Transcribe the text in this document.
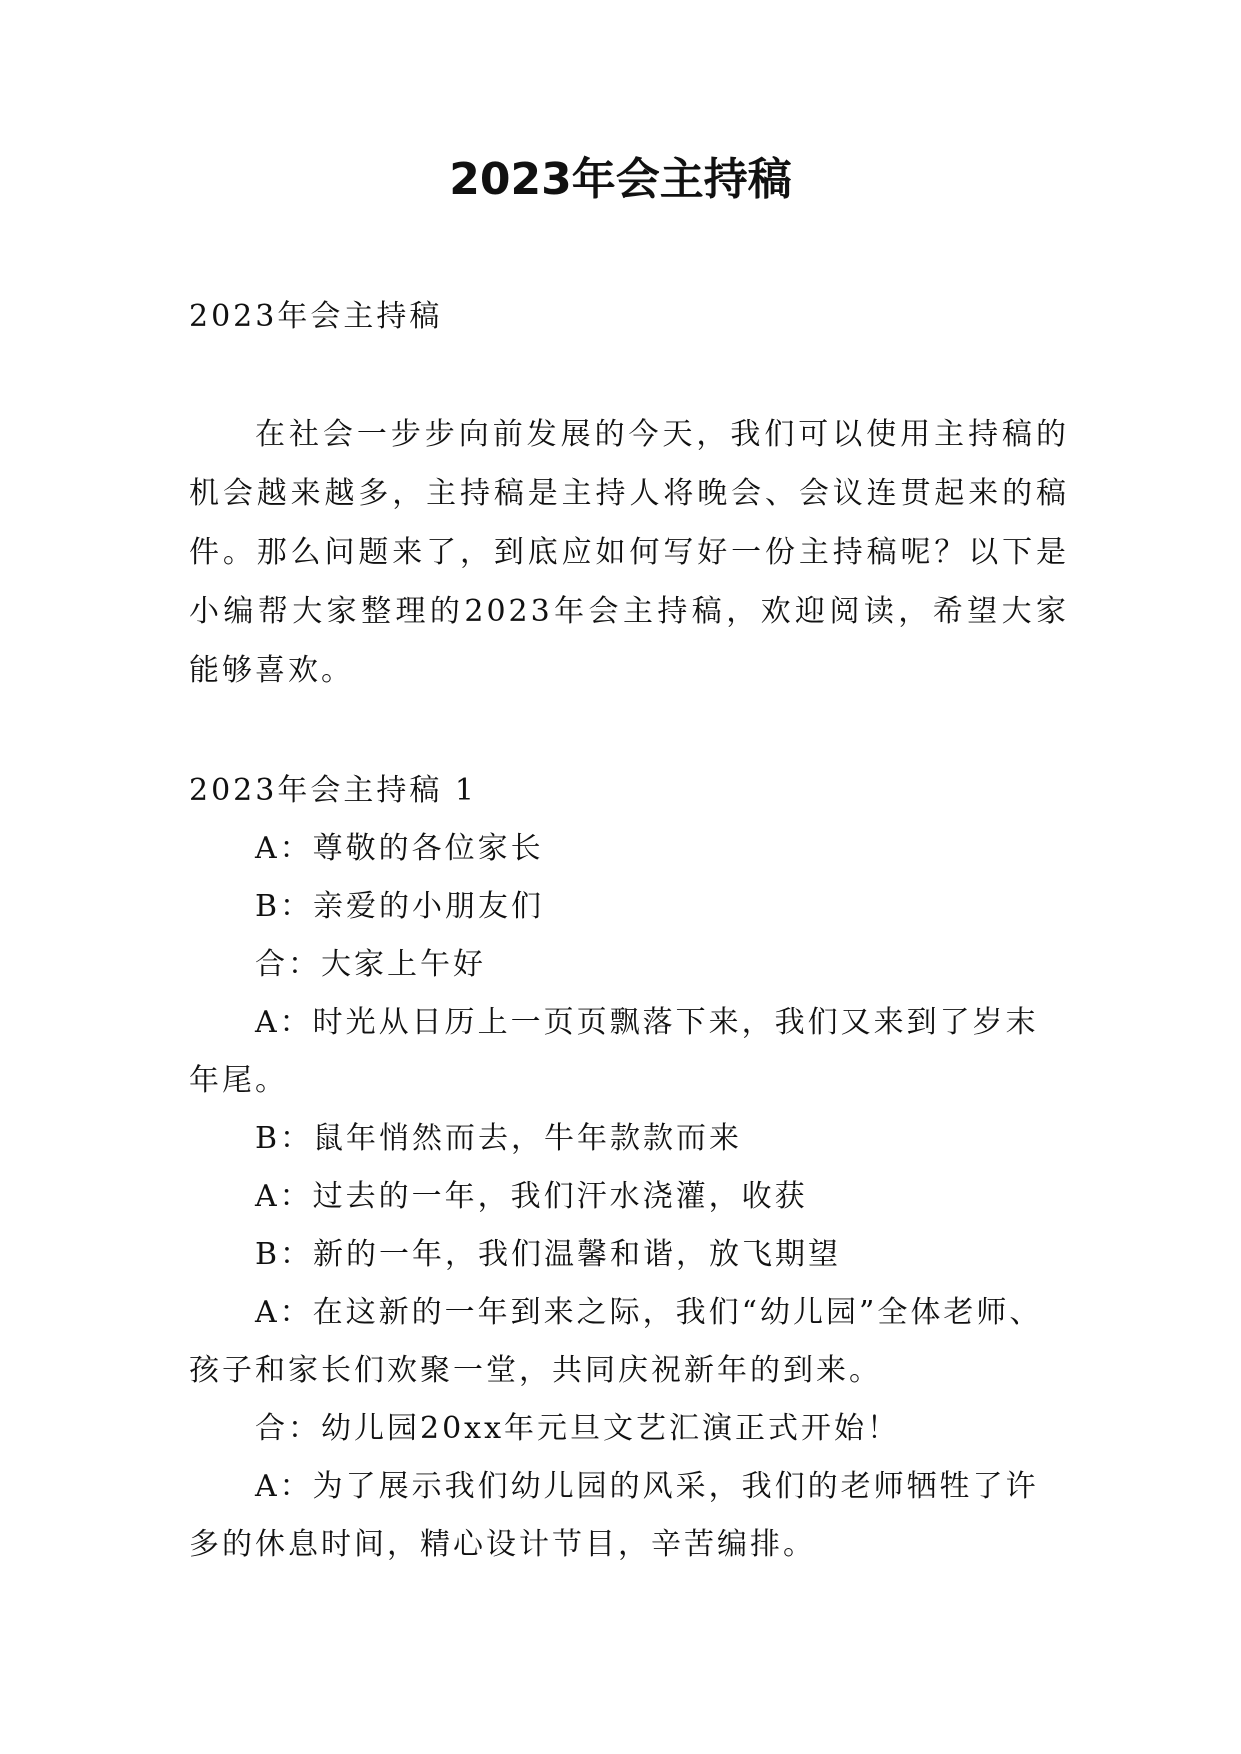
2023年会主持稿

2023年会主持稿

在社会一步步向前发展的今天，我们可以使用主持稿的机会越来越多，主持稿是主持人将晚会、会议连贯起来的稿件。那么问题来了，到底应如何写好一份主持稿呢？以下是小编帮大家整理的2023年会主持稿，欢迎阅读，希望大家能够喜欢。

2023年会主持稿 1

A：尊敬的各位家长

B：亲爱的小朋友们

合：大家上午好

A：时光从日历上一页页飘落下来，我们又来到了岁末年尾。

B：鼠年悄然而去，牛年款款而来

A：过去的一年，我们汗水浇灌，收获

B：新的一年，我们温馨和谐，放飞期望

A：在这新的一年到来之际，我们“幼儿园”全体老师、孩子和家长们欢聚一堂，共同庆祝新年的到来。

合：幼儿园20xx年元旦文艺汇演正式开始！

A：为了展示我们幼儿园的风采，我们的老师牺牲了许多的休息时间，精心设计节目，辛苦编排。
